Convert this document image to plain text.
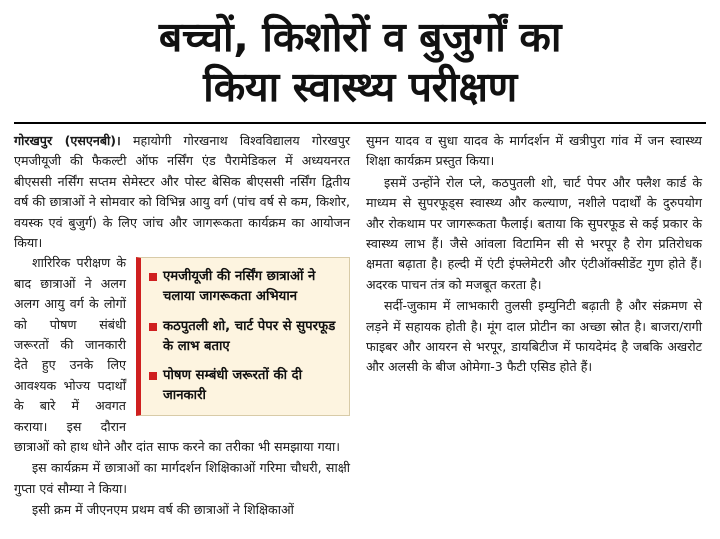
बच्चों, किशोरों व बुजुर्गों का
किया स्वास्थ्य परीक्षण

गोरखपुर (एसएनबी)। महायोगी गोरखनाथ विश्वविद्यालय गोरखपुर एमजीयूजी की फैकल्टी ऑफ नर्सिंग एंड पैरामेडिकल में अध्ययनरत बीएससी नर्सिंग सप्तम सेमेस्टर और पोस्ट बेसिक बीएससी नर्सिंग द्वितीय वर्ष की छात्राओं ने सोमवार को विभिन्न आयु वर्ग (पांच वर्ष से कम, किशोर, वयस्क एवं बुजुर्ग) के लिए जांच और जागरूकता कार्यक्रम का आयोजन किया।

एमजीयूजी की नर्सिंग छात्राओं ने चलाया जागरूकता अभियान
कठपुतली शो, चार्ट पेपर से सुपरफूड के लाभ बताए
पोषण सम्बंधी जरूरतों की दी जानकारी

शारिरिक परीक्षण के बाद छात्राओं ने अलग अलग आयु वर्ग के लोगों को पोषण संबंधी जरूरतों की जानकारी देते हुए उनके लिए आवश्यक भोज्य पदार्थों के बारे में अवगत कराया। इस दौरान छात्राओं को हाथ धोने और दांत साफ करने का तरीका भी समझाया गया।

इस कार्यक्रम में छात्राओं का मार्गदर्शन शिक्षिकाओं गरिमा चौधरी, साक्षी गुप्ता एवं सौम्या ने किया।

इसी क्रम में जीएनएम प्रथम वर्ष की छात्राओं ने शिक्षिकाओं

सुमन यादव व सुधा यादव के मार्गदर्शन में खत्रीपुरा गांव में जन स्वास्थ्य शिक्षा कार्यक्रम प्रस्तुत किया।

इसमें उन्होंने रोल प्ले, कठपुतली शो, चार्ट पेपर और फ्लैश कार्ड के माध्यम से सुपरफूड्स स्वास्थ्य और कल्याण, नशीले पदार्थों के दुरुपयोग और रोकथाम पर जागरूकता फैलाई। बताया कि सुपरफूड से कई प्रकार के स्वास्थ्य लाभ हैं। जैसे आंवला विटामिन सी से भरपूर है रोग प्रतिरोधक क्षमता बढ़ाता है। हल्दी में एंटी इंफ्लेमेटरी और एंटीऑक्सीडेंट गुण होते हैं। अदरक पाचन तंत्र को मजबूत करता है।

सर्दी-जुकाम में लाभकारी तुलसी इम्युनिटी बढ़ाती है और संक्रमण से लड़ने में सहायक होती है। मूंग दाल प्रोटीन का अच्छा स्रोत है। बाजरा/रागी फाइबर और आयरन से भरपूर, डायबिटीज में फायदेमंद है जबकि अखरोट और अलसी के बीज ओमेगा-3 फैटी एसिड होते हैं।
